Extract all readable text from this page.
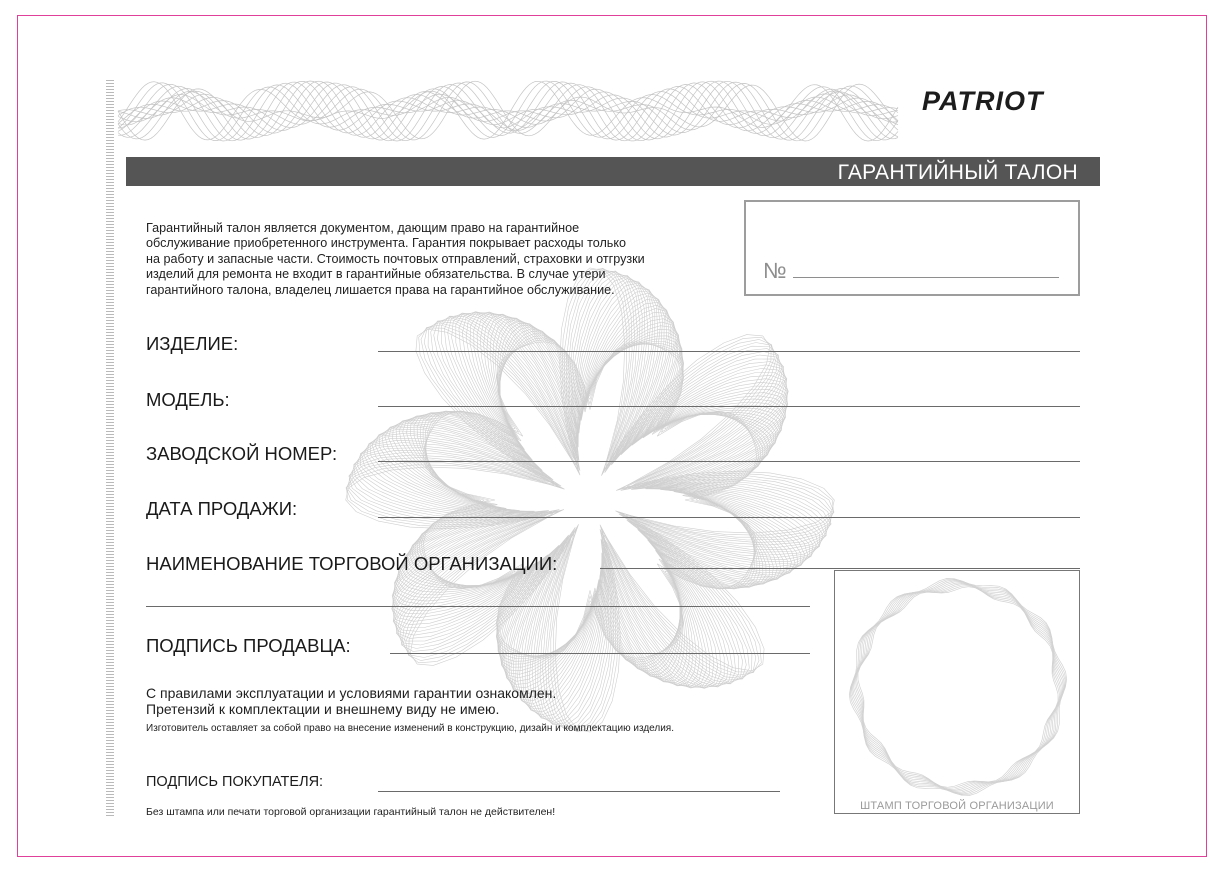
PATRIOT
ГАРАНТИЙНЫЙ ТАЛОН
Гарантийный талон является документом, дающим право на гарантийное
обслуживание приобретенного инструмента. Гарантия покрывает расходы только
на работу и запасные части. Стоимость почтовых отправлений, страховки и отгрузки
изделий для ремонта не входит в гарантийные обязательства. В случае утери
гарантийного талона, владелец лишается права на гарантийное обслуживание.
№
ИЗДЕЛИЕ:
МОДЕЛЬ:
ЗАВОДСКОЙ НОМЕР:
ДАТА ПРОДАЖИ:
НАИМЕНОВАНИЕ ТОРГОВОЙ ОРГАНИЗАЦИИ:
ПОДПИСЬ ПРОДАВЦА:
ШТАМП ТОРГОВОЙ ОРГАНИЗАЦИИ
С правилами эксплуатации и условиями гарантии ознакомлен.
Претензий к комплектации и внешнему виду не имею.
Изготовитель оставляет за собой право на внесение изменений в конструкцию, дизайн и комплектацию изделия.
ПОДПИСЬ ПОКУПАТЕЛЯ:
Без штампа или печати торговой организации гарантийный талон не действителен!
